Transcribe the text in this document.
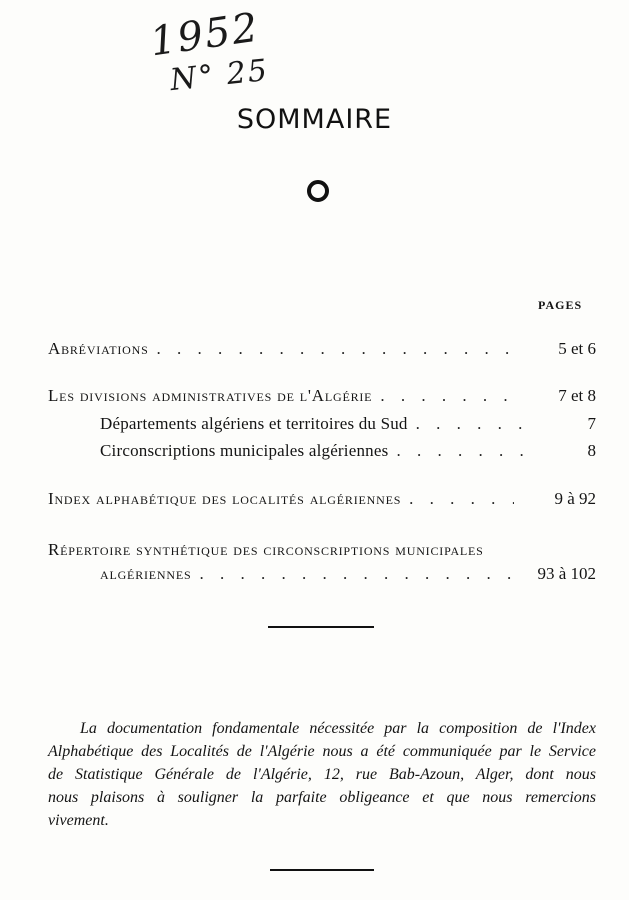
1952
N° 25
SOMMAIRE
PAGES
Abréviations . . .	5 et 6
Les divisions administratives de l'Algérie . . .	7 et 8
Départements algériens et territoires du Sud . . .	7
Circonscriptions municipales algériennes . . .	8
Index alphabétique des localités algériennes . . .	9 à 92
Répertoire synthétique des circonscriptions municipales
algériennes . . .	93 à 102
La documentation fondamentale nécessitée par la composition de l'Index
Alphabétique des Localités de l'Algérie nous a été communiquée par le Service
de Statistique Générale de l'Algérie, 12, rue Bab-Azoun, Alger, dont nous
nous plaisons à souligner la parfaite obligeance et que nous remercions
vivement.
